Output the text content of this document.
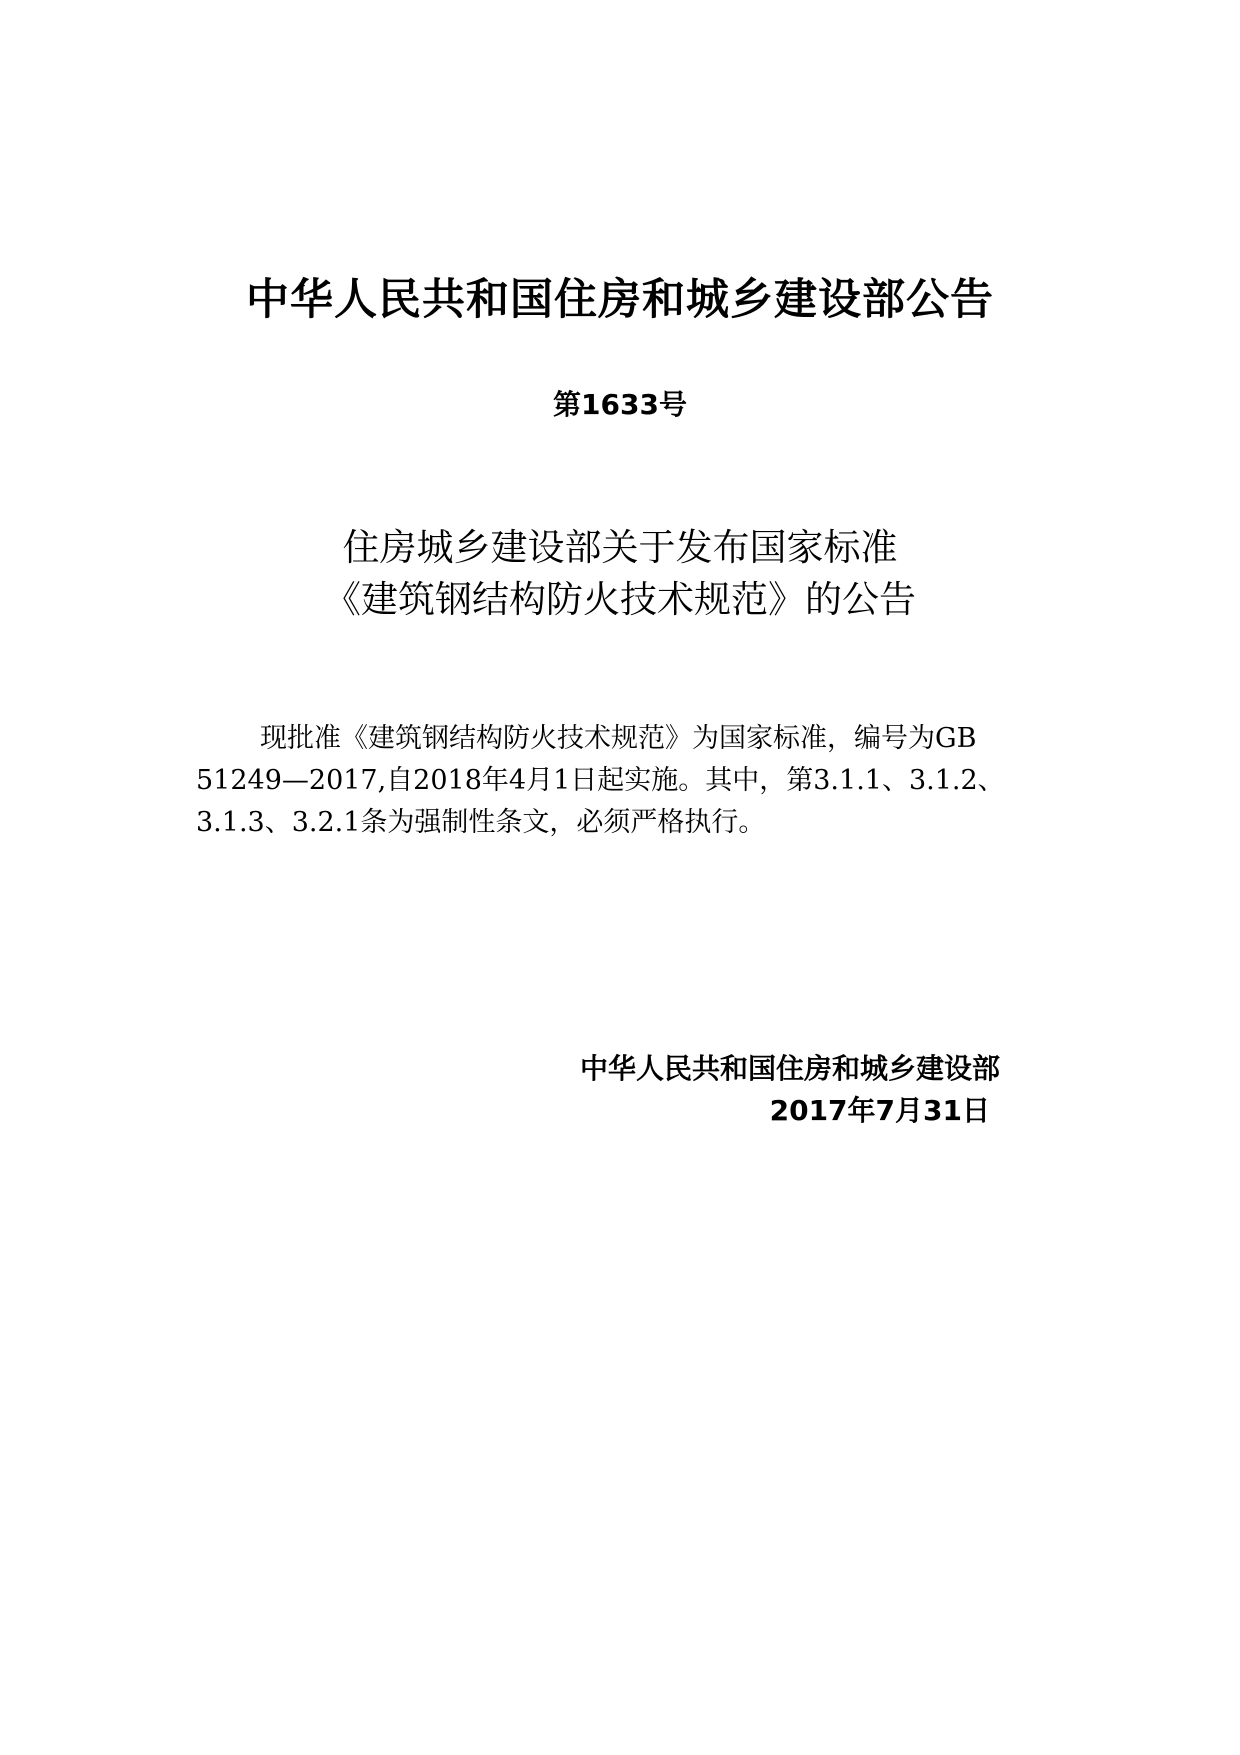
中华人民共和国住房和城乡建设部公告
第1633号
住房城乡建设部关于发布国家标准
《建筑钢结构防火技术规范》的公告
现批准《建筑钢结构防火技术规范》为国家标准，编号为GB
51249—2017,自2018年4月1日起实施。其中，第3.1.1、3.1.2、
3.1.3、3.2.1条为强制性条文，必须严格执行。
中华人民共和国住房和城乡建设部
2017年7月31日
